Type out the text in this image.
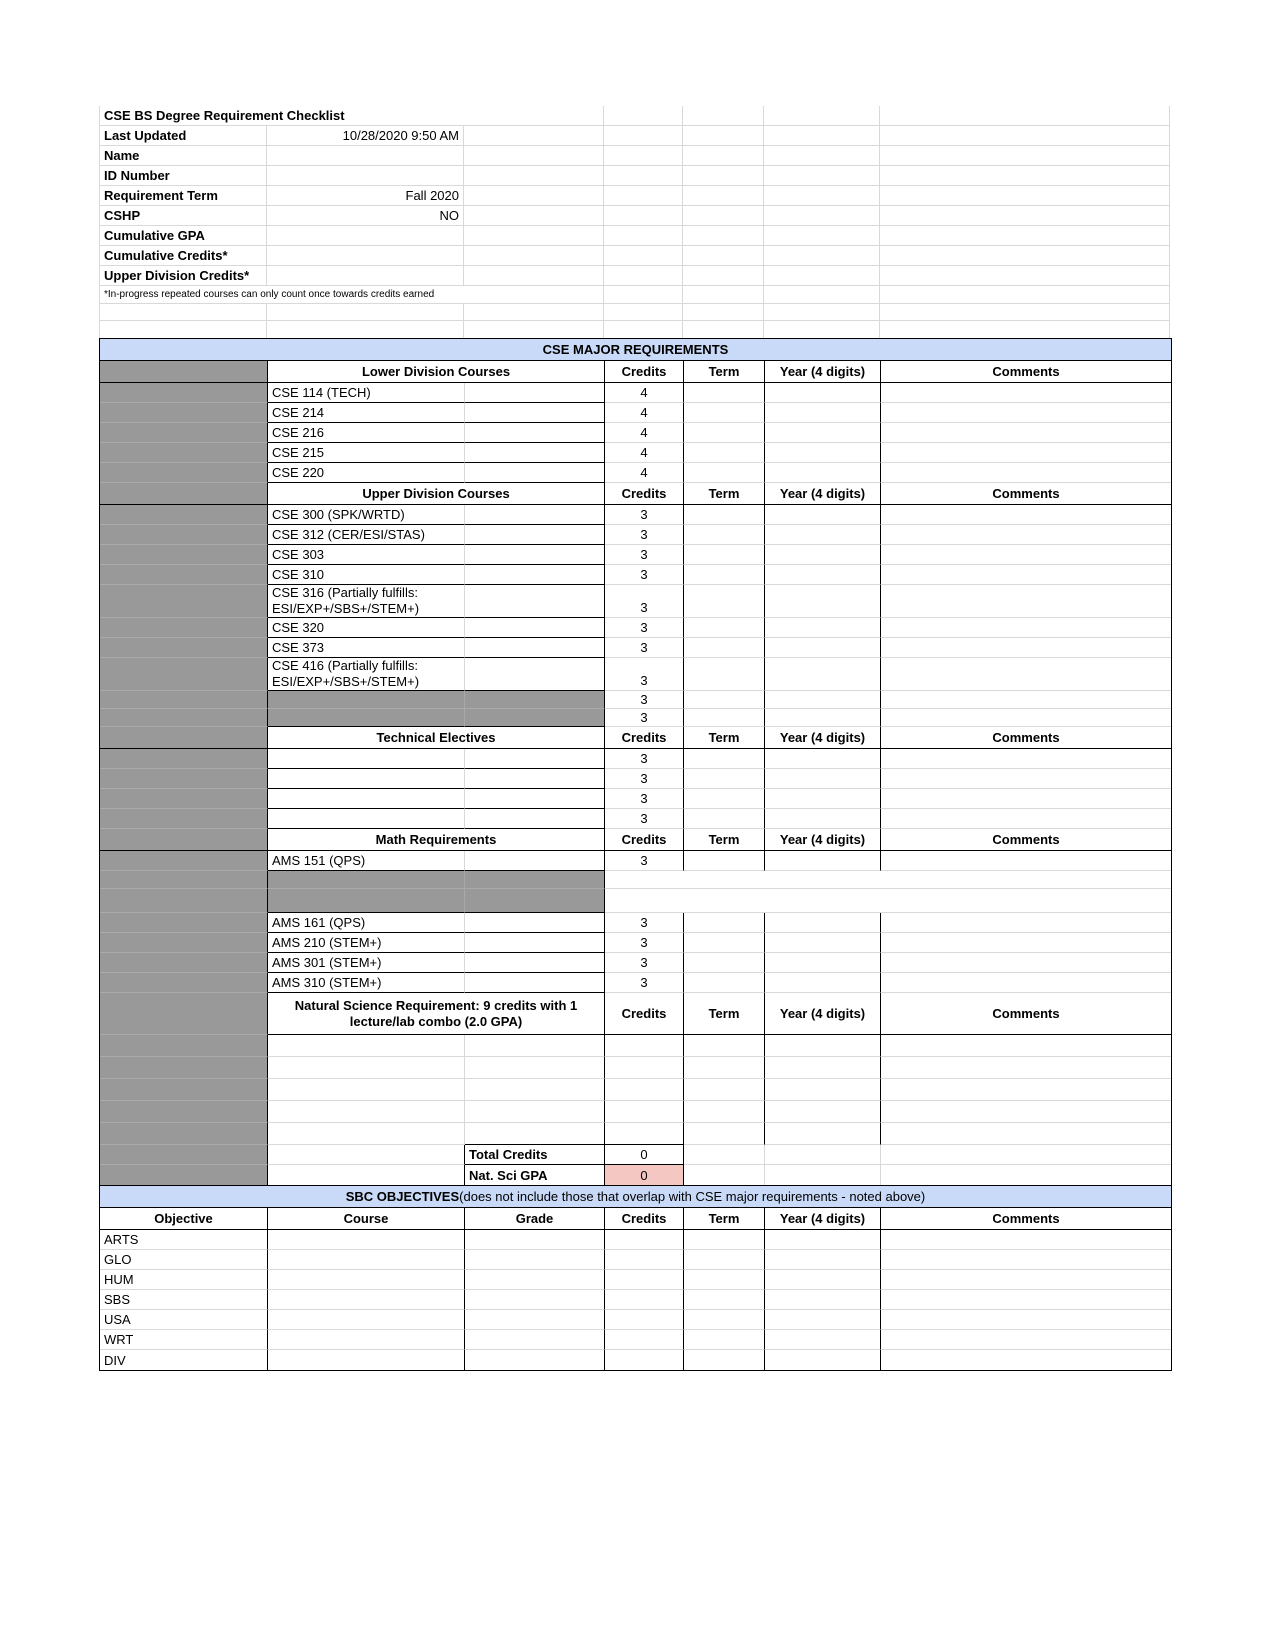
CSE BS Degree Requirement Checklist
Last Updated	10/28/2020 9:50 AM
Name
ID Number
Requirement Term	Fall 2020
CSHP	NO
Cumulative GPA
Cumulative Credits*
Upper Division Credits*
*In-progress repeated courses can only count once towards credits earned
CSE MAJOR REQUIREMENTS
Lower Division Courses	Credits	Term	Year (4 digits)	Comments
CSE 114 (TECH)	4
CSE 214	4
CSE 216	4
CSE 215	4
CSE 220	4
Upper Division Courses	Credits	Term	Year (4 digits)	Comments
CSE 300 (SPK/WRTD)	3
CSE 312 (CER/ESI/STAS)	3
CSE 303	3
CSE 310	3
CSE 316 (Partially fulfills: ESI/EXP+/SBS+/STEM+)	3
CSE 320	3
CSE 373	3
CSE 416 (Partially fulfills: ESI/EXP+/SBS+/STEM+)	3
3
3
Technical Electives	Credits	Term	Year (4 digits)	Comments
3
3
3
3
Math Requirements	Credits	Term	Year (4 digits)	Comments
AMS 151 (QPS)	3
AMS 161 (QPS)	3
AMS 210 (STEM+)	3
AMS 301 (STEM+)	3
AMS 310 (STEM+)	3
Natural Science Requirement: 9 credits with 1 lecture/lab combo (2.0 GPA)	Credits	Term	Year (4 digits)	Comments
Total Credits	0
Nat. Sci GPA	0
SBC OBJECTIVES (does not include those that overlap with CSE major requirements - noted above)
Objective	Course	Grade	Credits	Term	Year (4 digits)	Comments
ARTS
GLO
HUM
SBS
USA
WRT
DIV
